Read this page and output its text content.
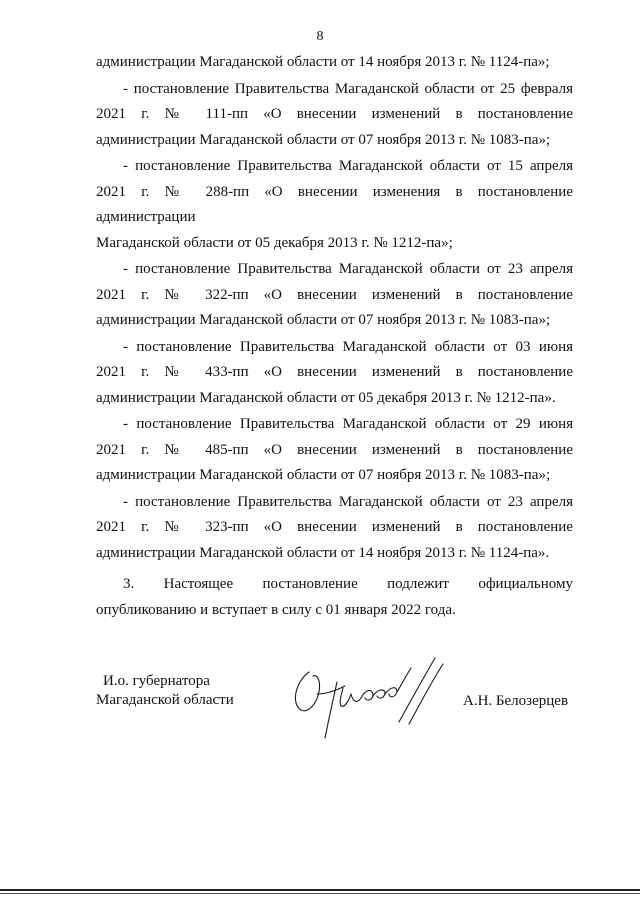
8

администрации Магаданской области от 14 ноября 2013 г. № 1124-па»;

- постановление Правительства Магаданской области от 25 февраля
2021 г. № 111-пп «О внесении изменений в постановление
администрации Магаданской области от 07 ноября 2013 г. № 1083-па»;

- постановление Правительства Магаданской области от 15 апреля
2021 г. № 288-пп «О внесении изменения в постановление администрации
Магаданской области от 05 декабря 2013 г. № 1212-па»;

- постановление Правительства Магаданской области от 23 апреля
2021 г. № 322-пп «О внесении изменений в постановление
администрации Магаданской области от 07 ноября 2013 г. № 1083-па»;

- постановление Правительства Магаданской области от 03 июня
2021 г. № 433-пп «О внесении изменений в постановление
администрации Магаданской области от 05 декабря 2013 г. № 1212-па».

- постановление Правительства Магаданской области от 29 июня
2021 г. № 485-пп «О внесении изменений в постановление
администрации Магаданской области от 07 ноября 2013 г. № 1083-па»;

- постановление Правительства Магаданской области от 23 апреля
2021 г. № 323-пп «О внесении изменений в постановление
администрации Магаданской области от 14 ноября 2013 г. № 1124-па».

3. Настоящее постановление подлежит официальному
опубликованию и вступает в силу с 01 января 2022 года.

И.о. губернатора
Магаданской области	А.Н. Белозерцев
